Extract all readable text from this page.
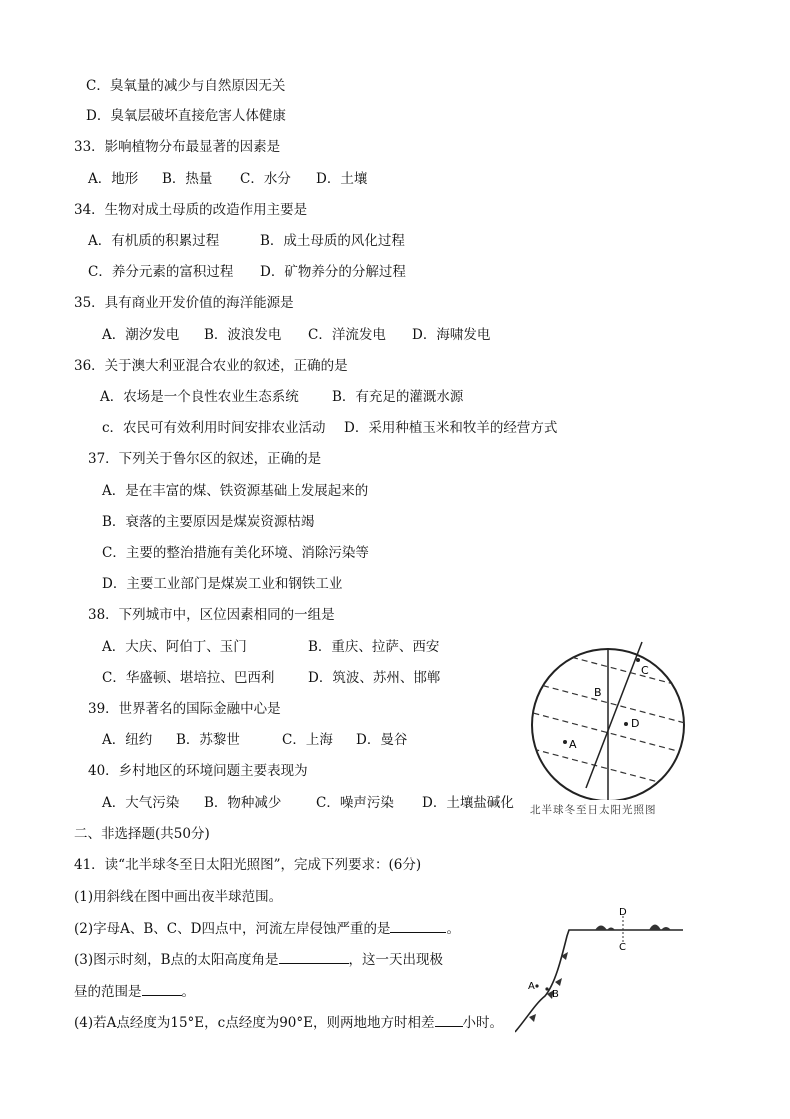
C．臭氧量的减少与自然原因无关
D．臭氧层破坏直接危害人体健康
33．影响植物分布最显著的因素是
A．地形 B．热量 C．水分 D．土壤
34．生物对成土母质的改造作用主要是
A．有机质的积累过程	B．成土母质的风化过程
C．养分元素的富积过程 D．矿物养分的分解过程
35．具有商业开发价值的海洋能源是
A．潮汐发电 B．波浪发电 C．洋流发电 D．海啸发电
36．关于澳大利亚混合农业的叙述，正确的是
A．农场是一个良性农业生态系统 B．有充足的灌溉水源
c．农民可有效利用时间安排农业活动 D．采用种植玉米和牧羊的经营方式
37．下列关于鲁尔区的叙述，正确的是
A．是在丰富的煤、铁资源基础上发展起来的
B．衰落的主要原因是煤炭资源枯竭
C．主要的整治措施有美化环境、消除污染等
D．主要工业部门是煤炭工业和钢铁工业
38．下列城市中，区位因素相同的一组是
A．大庆、阿伯丁、玉门	B．重庆、拉萨、西安
C．华盛顿、堪培拉、巴西利 D．筑波、苏州、邯郸
39．世界著名的国际金融中心是
A．纽约 B．苏黎世	C．上海 D．曼谷
40．乡村地区的环境问题主要表现为
A．大气污染 B．物种减少	C．噪声污染 D．土壤盐碱化
二、非选择题(共50分)
41．读“北半球冬至日太阳光照图”，完成下列要求：(6分)
(1)用斜线在图中画出夜半球范围。
(2)字母A、B、C、D四点中，河流左岸侵蚀严重的是	。
(3)图示时刻，B点的太阳高度角是	，这一天出现极
昼的范围是	。
(4)若A点经度为15°E，c点经度为90°E，则两地地方时相差 小时。
C
B
D
A
北半球冬至日太阳光照图
D
C
A
B
